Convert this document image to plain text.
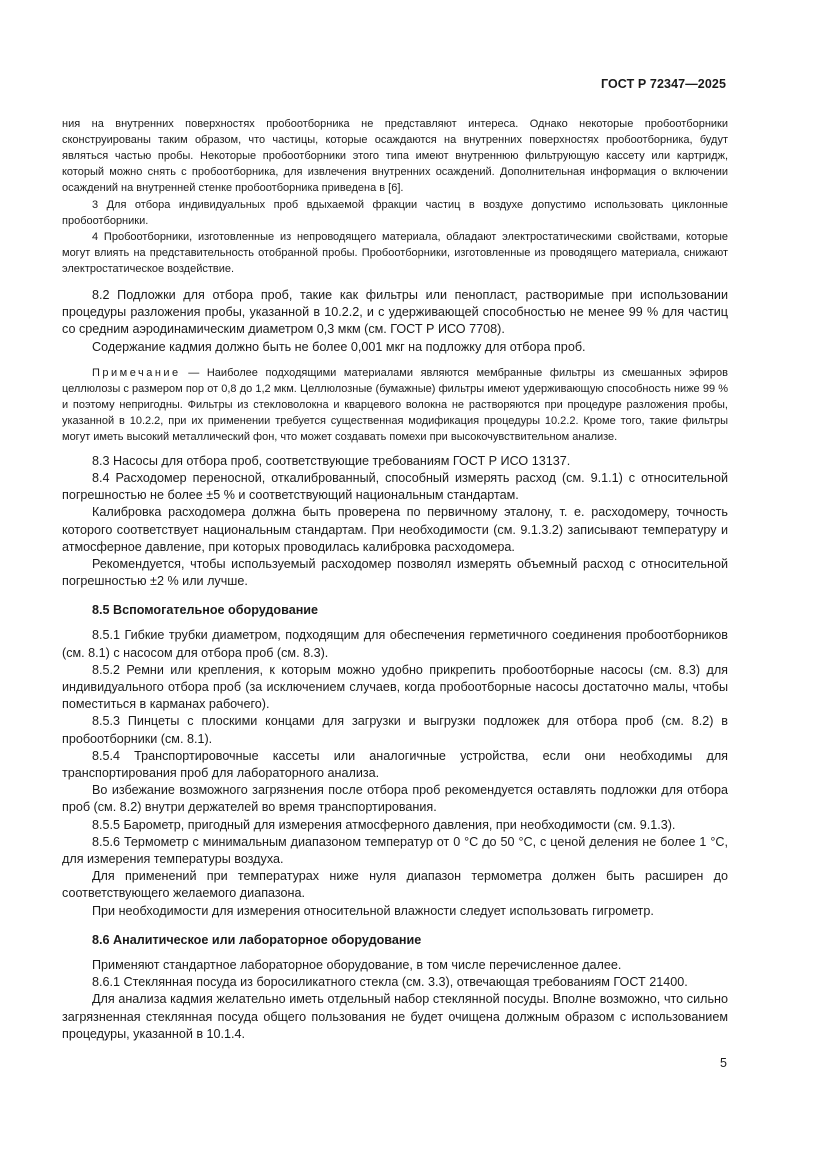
ГОСТ Р 72347—2025

ния на внутренних поверхностях пробоотборника не представляют интереса. Однако некоторые пробоотборники сконструированы таким образом, что частицы, которые осаждаются на внутренних поверхностях пробоотборника, будут являться частью пробы. Некоторые пробоотборники этого типа имеют внутреннюю фильтрующую кассету или картридж, который можно снять с пробоотборника, для извлечения внутренних осаждений. Дополнительная информация о включении осаждений на внутренней стенке пробоотборника приведена в [6].

3 Для отбора индивидуальных проб вдыхаемой фракции частиц в воздухе допустимо использовать циклонные пробоотборники.

4 Пробоотборники, изготовленные из непроводящего материала, обладают электростатическими свойствами, которые могут влиять на представительность отобранной пробы. Пробоотборники, изготовленные из проводящего материала, снижают электростатическое воздействие.

8.2 Подложки для отбора проб, такие как фильтры или пенопласт, растворимые при использовании процедуры разложения пробы, указанной в 10.2.2, и с удерживающей способностью не менее 99 % для частиц со средним аэродинамическим диаметром 0,3 мкм (см. ГОСТ Р ИСО 7708).

Содержание кадмия должно быть не более 0,001 мкг на подложку для отбора проб.

Примечание — Наиболее подходящими материалами являются мембранные фильтры из смешанных эфиров целлюлозы с размером пор от 0,8 до 1,2 мкм. Целлюлозные (бумажные) фильтры имеют удерживающую способность ниже 99 % и поэтому непригодны. Фильтры из стекловолокна и кварцевого волокна не растворяются при процедуре разложения пробы, указанной в 10.2.2, при их применении требуется существенная модификация процедуры 10.2.2. Кроме того, такие фильтры могут иметь высокий металлический фон, что может создавать помехи при высокочувствительном анализе.

8.3 Насосы для отбора проб, соответствующие требованиям ГОСТ Р ИСО 13137.

8.4 Расходомер переносной, откалиброванный, способный измерять расход (см. 9.1.1) с относительной погрешностью не более ±5 % и соответствующий национальным стандартам.

Калибровка расходомера должна быть проверена по первичному эталону, т. е. расходомеру, точность которого соответствует национальным стандартам. При необходимости (см. 9.1.3.2) записывают температуру и атмосферное давление, при которых проводилась калибровка расходомера.

Рекомендуется, чтобы используемый расходомер позволял измерять объемный расход с относительной погрешностью ±2 % или лучше.

8.5 Вспомогательное оборудование

8.5.1 Гибкие трубки диаметром, подходящим для обеспечения герметичного соединения пробоотборников (см. 8.1) с насосом для отбора проб (см. 8.3).

8.5.2 Ремни или крепления, к которым можно удобно прикрепить пробоотборные насосы (см. 8.3) для индивидуального отбора проб (за исключением случаев, когда пробоотборные насосы достаточно малы, чтобы поместиться в карманах рабочего).

8.5.3 Пинцеты с плоскими концами для загрузки и выгрузки подложек для отбора проб (см. 8.2) в пробоотборники (см. 8.1).

8.5.4 Транспортировочные кассеты или аналогичные устройства, если они необходимы для транспортирования проб для лабораторного анализа.

Во избежание возможного загрязнения после отбора проб рекомендуется оставлять подложки для отбора проб (см. 8.2) внутри держателей во время транспортирования.

8.5.5 Барометр, пригодный для измерения атмосферного давления, при необходимости (см. 9.1.3).

8.5.6 Термометр с минимальным диапазоном температур от 0 °C до 50 °C, с ценой деления не более 1 °C, для измерения температуры воздуха.

Для применений при температурах ниже нуля диапазон термометра должен быть расширен до соответствующего желаемого диапазона.

При необходимости для измерения относительной влажности следует использовать гигрометр.

8.6 Аналитическое или лабораторное оборудование

Применяют стандартное лабораторное оборудование, в том числе перечисленное далее.

8.6.1 Стеклянная посуда из боросиликатного стекла (см. 3.3), отвечающая требованиям ГОСТ 21400.

Для анализа кадмия желательно иметь отдельный набор стеклянной посуды. Вполне возможно, что сильно загрязненная стеклянная посуда общего пользования не будет очищена должным образом с использованием процедуры, указанной в 10.1.4.

5
